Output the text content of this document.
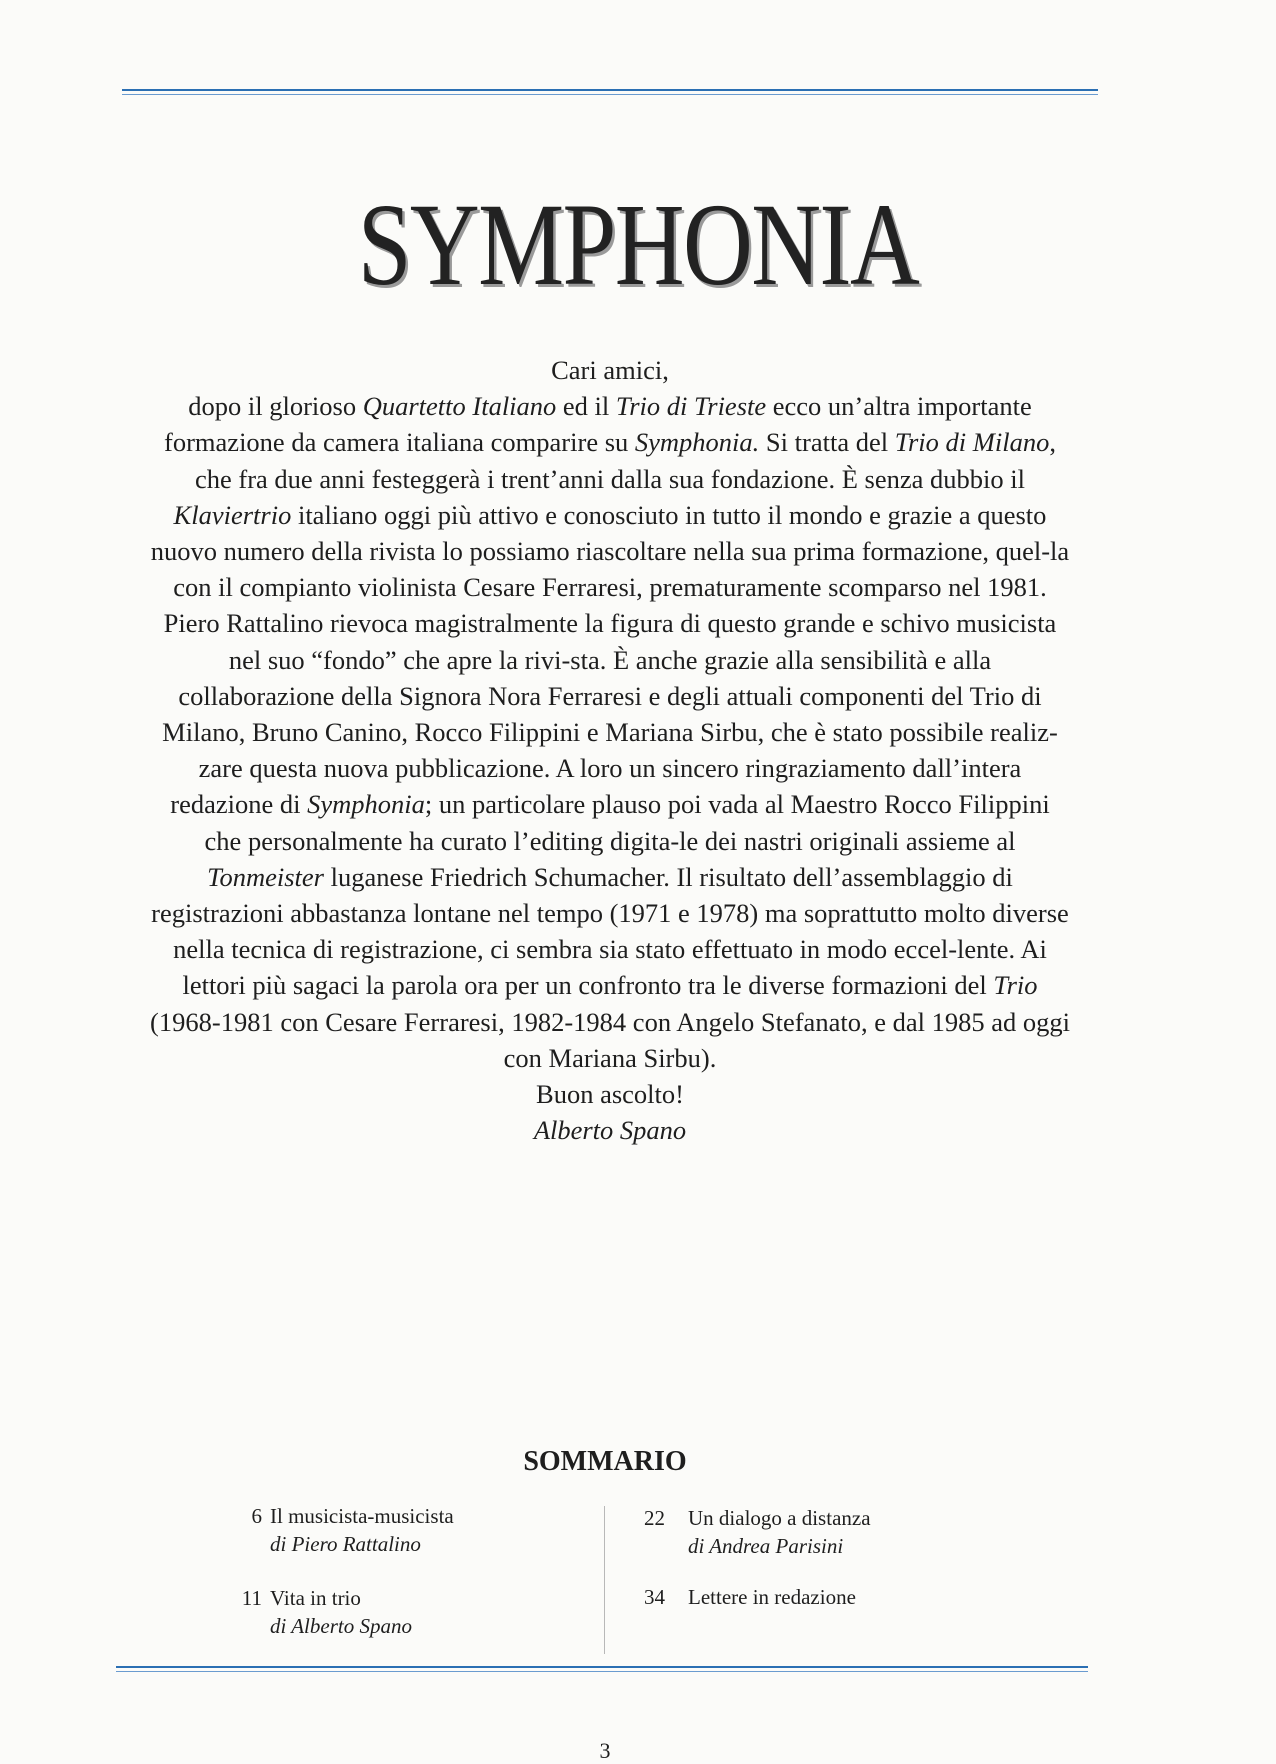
SYMPHONIA

Cari amici,

dopo il glorioso Quartetto Italiano ed il Trio di Trieste ecco un’altra importante formazione da camera italiana comparire su Symphonia. Si tratta del Trio di Milano, che fra due anni festeggerà i trent’anni dalla sua fondazione. È senza dubbio il Klaviertrio italiano oggi più attivo e conosciuto in tutto il mondo e grazie a questo nuovo numero della rivista lo possiamo riascoltare nella sua prima formazione, quel-la con il compianto violinista Cesare Ferraresi, prematuramente scomparso nel 1981. Piero Rattalino rievoca magistralmente la figura di questo grande e schivo musicista nel suo “fondo” che apre la rivi-sta. È anche grazie alla sensibilità e alla collaborazione della Signora Nora Ferraresi e degli attuali componenti del Trio di Milano, Bruno Canino, Rocco Filippini e Mariana Sirbu, che è stato possibile realiz-zare questa nuova pubblicazione. A loro un sincero ringraziamento dall’intera redazione di Symphonia; un particolare plauso poi vada al Maestro Rocco Filippini che personalmente ha curato l’editing digita-le dei nastri originali assieme al Tonmeister luganese Friedrich Schumacher. Il risultato dell’assemblaggio di registrazioni abbastanza lontane nel tempo (1971 e 1978) ma soprattutto molto diverse nella tecnica di registrazione, ci sembra sia stato effettuato in modo eccel-lente. Ai lettori più sagaci la parola ora per un confronto tra le diverse formazioni del Trio (1968-1981 con Cesare Ferraresi, 1982-1984 con Angelo Stefanato, e dal 1985 ad oggi con Mariana Sirbu).

Buon ascolto!

Alberto Spano

SOMMARIO
6 Il musicista-musicista
di Piero Rattalino
11 Vita in trio
di Alberto Spano
22 Un dialogo a distanza
di Andrea Parisini
34 Lettere in redazione
3
